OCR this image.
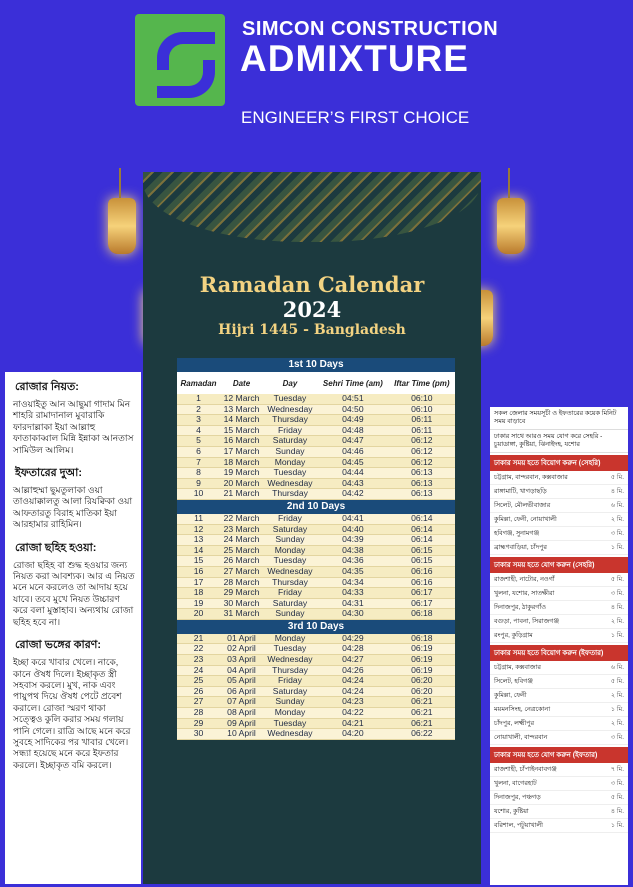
SIMCON CONSTRUCTION
ADMIXTURE
ENGINEER’S FIRST CHOICE
Ramadan Calendar
2024
Hijri 1445 - Bangladesh
1st 10 Days				
Ramadan	Date	Day	Sehri Time (am)	Iftar Time (pm)
1	12 March	Tuesday	04:51	06:10
2	13 March	Wednesday	04:50	06:10
3	14 March	Thursday	04:49	06:11
4	15 March	Friday	04:48	06:11
5	16 March	Saturday	04:47	06:12
6	17 March	Sunday	04:46	06:12
7	18 March	Monday	04:45	06:12
8	19 March	Tuesday	04:44	06:13
9	20 March	Wednesday	04:43	06:13
10	21 March	Thursday	04:42	06:13
2nd 10 Days				
11	22 March	Friday	04:41	06:14
12	23 March	Saturday	04:40	06:14
13	24 March	Sunday	04:39	06:14
14	25 March	Monday	04:38	06:15
15	26 March	Tuesday	04:36	06:15
16	27 March	Wednesday	04:35	06:16
17	28 March	Thursday	04:34	06:16
18	29 March	Friday	04:33	06:17
19	30 March	Saturday	04:31	06:17
20	31 March	Sunday	04:30	06:18
3rd 10 Days				
21	01 April	Monday	04:29	06:18
22	02 April	Tuesday	04:28	06:19
23	03 April	Wednesday	04:27	06:19
24	04 April	Thursday	04:26	06:19
25	05 April	Friday	04:24	06:20
26	06 April	Saturday	04:24	06:20
27	07 April	Sunday	04:23	06:21
28	08 April	Monday	04:22	06:21
29	09 April	Tuesday	04:21	06:21
30	10 April	Wednesday	04:20	06:22
রোজার নিয়ত:
নাওয়াইতু আন আছুমা গাদাম মিন শাহরি রামাদানাল মুবারাকি ফারদাল্লাকা ইয়া আল্লাহু ফাতাকাব্বাল মিন্নি ইন্নাকা আনতাস সামিউল আলিম।
ইফতারের দুআ:
আল্লাহুম্মা ছুমতুলাকা ওয়া তাওয়াক্কালতু আলা রিযক্বিকা ওয়া আফতারতু বিরাহ মাতিকা ইয়া আরহামার রাহিমিন।
রোজা ছহিহ হওয়া:
রোজা ছহিহ বা শুদ্ধ হওয়ার জন্য নিয়ত করা আবশ্যক। আর এ নিয়ত মনে মনে করলেও তা আদায় হয়ে যাবে। তবে মুখে নিয়ত উচ্চারণ করে বলা মুস্তাহাব। অন্যথায় রোজা ছহিহ হবে না।
রোজা ভঙ্গের কারণ:
ইচ্ছা করে খাবার খেলে। নাকে, কানে ঔষধ দিলে। ইচ্ছাকৃত স্ত্রী সহবাস করলে। মুখ, নাক এবং পায়ুপথ দিয়ে ঔষধ পেটে প্রবেশ করালে। রোজা স্মরণ থাকা সত্ত্বেও কুলি করার সময় গলায় পানি গেলে। রাত্রি আছে মনে করে সুবহে সাদিকের পর খাবার খেলে। সন্ধ্যা হয়েছে মনে করে ইফতার করলে। ইচ্ছাকৃত বমি করলে।
সকল জেলার সময়সূচী ও ইফতারের কয়েক মিনিট সময় বাড়াবে
ঢাকার সাথে আরও সময় যোগ করে সেহরি - চুয়াডাঙ্গা, কুষ্টিয়া, ঝিনাইদহ, যশোর
ঢাকার সময় হতে বিয়োগ করুন (সেহরি)
চট্টগ্রাম, বান্দরবান, কক্সবাজার	৫ মি.
রাঙ্গামাটি, খাগড়াছড়ি	৪ মি.
সিলেট, মৌলভীবাজার	৬ মি.
কুমিল্লা, ফেনী, নোয়াখালী	২ মি.
হবিগঞ্জ, সুনামগঞ্জ	৩ মি.
ব্রাহ্মণবাড়িয়া, চাঁদপুর	১ মি.
ঢাকার সময় হতে যোগ করুন (সেহরি)
রাজশাহী, নাটোর, নওগাঁ	৫ মি.
খুলনা, যশোর, সাতক্ষীরা	৩ মি.
দিনাজপুর, ঠাকুরগাঁও	৪ মি.
বগুড়া, পাবনা, সিরাজগঞ্জ	২ মি.
রংপুর, কুড়িগ্রাম	১ মি.
ঢাকার সময় হতে বিয়োগ করুন (ইফতার)
চট্টগ্রাম, কক্সবাজার	৬ মি.
সিলেট, হবিগঞ্জ	৫ মি.
কুমিল্লা, ফেনী	২ মি.
ময়মনসিংহ, নেত্রকোনা	১ মি.
চাঁদপুর, লক্ষ্মীপুর	২ মি.
নোয়াখালী, বান্দরবান	৩ মি.
ঢাকার সময় হতে যোগ করুন (ইফতার)
রাজশাহী, চাঁপাইনবাবগঞ্জ	৭ মি.
খুলনা, বাগেরহাট	৩ মি.
দিনাজপুর, পঞ্চগড়	৫ মি.
যশোর, কুষ্টিয়া	৪ মি.
বরিশাল, পটুয়াখালী	১ মি.
